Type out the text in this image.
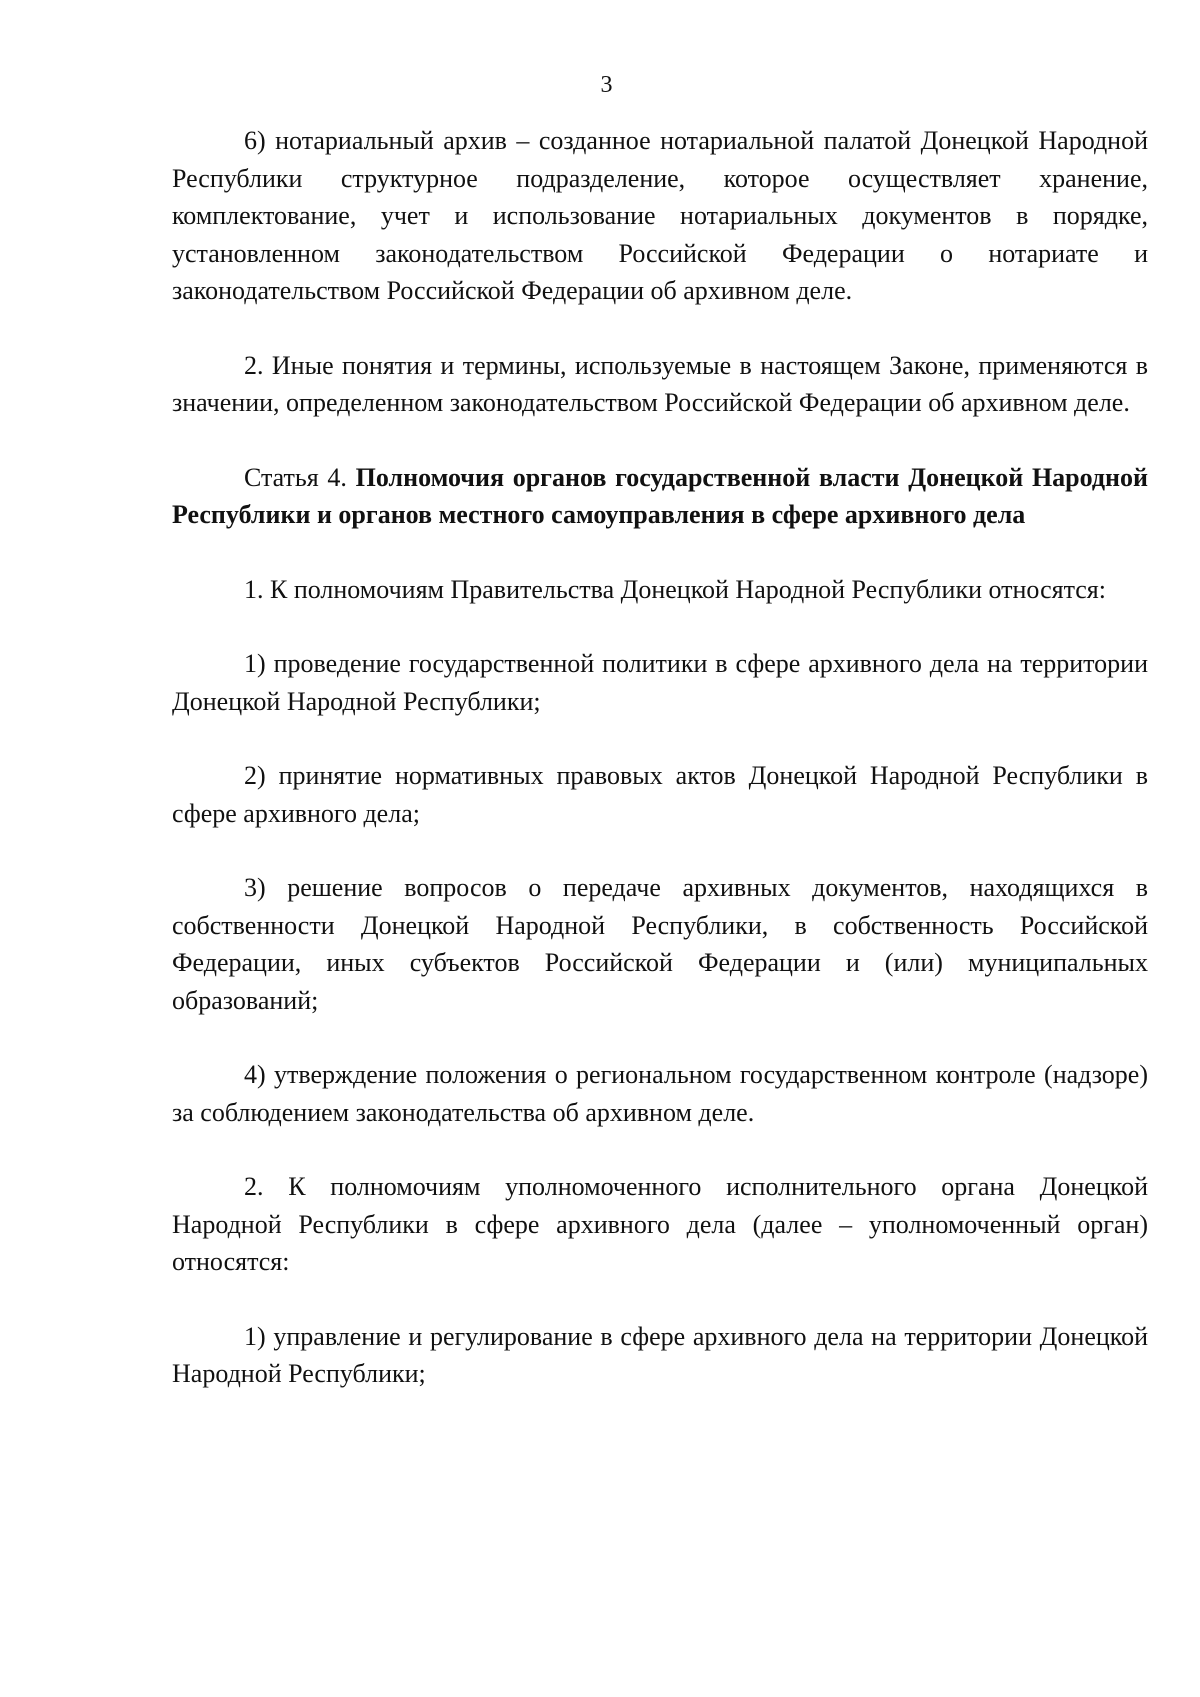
3

6) нотариальный архив – созданное нотариальной палатой Донецкой Народной Республики структурное подразделение, которое осуществляет хранение, комплектование, учет и использование нотариальных документов в порядке, установленном законодательством Российской Федерации о нотариате и законодательством Российской Федерации об архивном деле.

2. Иные понятия и термины, используемые в настоящем Законе, применяются в значении, определенном законодательством Российской Федерации об архивном деле.

Статья 4. Полномочия органов государственной власти Донецкой Народной Республики и органов местного самоуправления в сфере архивного дела

1. К полномочиям Правительства Донецкой Народной Республики относятся:

1) проведение государственной политики в сфере архивного дела на территории Донецкой Народной Республики;

2) принятие нормативных правовых актов Донецкой Народной Республики в сфере архивного дела;

3) решение вопросов о передаче архивных документов, находящихся в собственности Донецкой Народной Республики, в собственность Российской Федерации, иных субъектов Российской Федерации и (или) муниципальных образований;

4) утверждение положения о региональном государственном контроле (надзоре) за соблюдением законодательства об архивном деле.

2. К полномочиям уполномоченного исполнительного органа Донецкой Народной Республики в сфере архивного дела (далее – уполномоченный орган) относятся:

1) управление и регулирование в сфере архивного дела на территории Донецкой Народной Республики;
